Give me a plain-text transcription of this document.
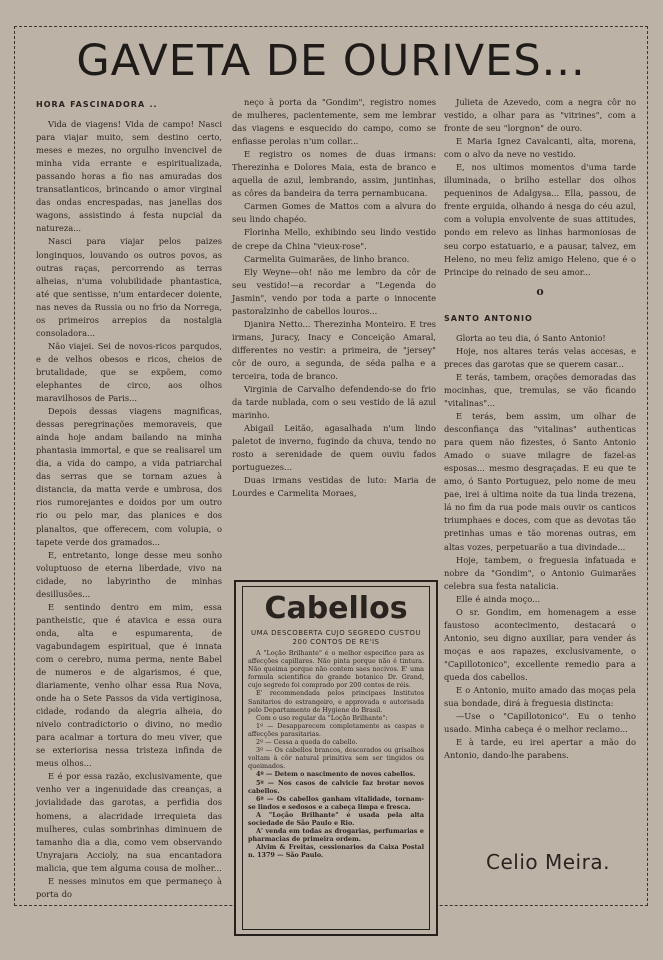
GAVETA DE OURIVES...
HORA FASCINADORA ..

Vida de viagens! Vida de campo! Nasci para viajar muito, sem destino certo, meses e mezes, no orgulho invencivel de minha vida errante e espiritualizada, passando horas a fio nas amuradas dos transatlanticos, brincando o amor virginal das ondas encrespadas, nas janellas dos wagons, assistindo á festa nupcial da natureza...

Nasci para viajar pelos paizes longinquos, louvando os outros povos, as outras raças, percorrendo as terras alheias, n'uma volubilidade phantastica, até que sentisse, n'um entardecer doiente, nas neves da Russia ou no frio da Norrega, os primeiros arrepios da nostalgia consoladora...

Não viajei. Sei de novos-ricos parqudos, e de velhos obesos e ricos, cheios de brutalidade, que se expõem, como elephantes de circo, aos olhos maravilhosos de Paris...

Depois dessas viagens magnificas, dessas peregrinações memoraveis, que ainda hoje andam bailando na minha phantasia immortal, e que se realisarel um dia, a vida do campo, a vida patriarchal das serras que se tornam azues à distancia, da matta verde e umbrosa, dos rios rumorejantes e doidos por um outro rio ou pelo mar, das planices e dos planaltos, que offerecem, com volupia, o tapete verde dos gramados...

E, entretanto, longe desse meu sonho voluptuoso de eterna liberdade, vivo na cidade, no labyrintho de minhas desillusões...

E sentindo dentro em mim, essa pantheistic, que é atavica e essa oura onda, alta e espumarenta, de vagabundagem espiritual, que é innata com o cerebro, numa perma, nente Babel de numeros e de algarismos, é que, diariamente, venho olhar essa Rua Nova, onde ha o Sete Passos da vida vertiginosa, cidade, rodando da alegria alheia, do nivelo contradictorio o divino, no medio para acalmar a tortura do meu viver, que se exteriorisa nessa tristeza infinda de meus olhos...

E é por essa razão, exclusivamente, que venho ver a ingenuidade das creanças, a jovialidade das garotas, a perfidia dos homens, a alacridade irrequieta das mulheres, culas sombrinhas diminuem de tamanho dia a dia, como vem observando Unyrajara Accioly, na sua encantadora malicia, que tem alguma cousa de molher...

E nesses minutos em que permaneço à porta do

neço à porta da "Gondim", registro nomes de mulheres, pacientemente, sem me lembrar das viagens e esquecido do campo, como se enfiasse perolas n'um collar...

E registro os nomes de duas irmans: Therezinha e Dolores Maia, esta de branco e aquella de azul, lembrando, assim, juntinhas, as côres da bandeira da terra pernambucana.

Carmen Gomes de Mattos com a alvura do seu lindo chapéo.

Florinha Mello, exhibindo seu lindo vestido de crepe da China "vieux-rose".

Carmelita Guimarães, de linho branco.

Ely Weyne—oh! não me lembro da côr de seu vestido!—a recordar a "Legenda do Jasmin", vendo por toda a parte o innocente pastoralzinho de cabellos louros...

Djanira Netto... Therezinha Monteiro. E tres irmans, Juracy, Inacy e Conceição Amaral, differentes no vestir: a primeira, de "jersey" côr de ouro, a segunda, de séda palha e a terceira, toda de branco.

Virginia de Carvalho defendendo-se do frio da tarde nublada, com o seu vestido de lã azul marinho.

Abigail Leitão, agasalhada n'um lindo paletot de inverno, fugindo da chuva, tendo no rosto a serenidade de quem ouviu fados portuguezes...

Duas irmans vestidas de luto: Maria de Lourdes e Carmelita Moraes,

Cabellos
UMA DESCOBERTA CUJO SEGREDO CUSTOU 200 CONTOS DE RE'IS

A "Loção Brilhante" é o melhor especifico para as affecções capillares. Não pinta porque não é tintura. Não queima porque não contem saes nocivos. E' uma formula scientifica do grande botanico Dr. Grand, cujo segredo foi comprado por 200 contos de réis.

E' recommendada pelos principaes Institutos Sanitarios do estrangeiro, e approvada e autorisada pelo Departamento de Hygiene do Brasil.

Com o uso regular da "Loção Brilhante":

1º — Desapparecem completamente as caspas e affecções parasitarias.

2º — Cessa a queda do cabello.

3º — Os cabellos brancos, descorados ou grisalhos voltam à côr natural primitiva sem ser tingidos ou queimados.

4º — Detem o nascimento de novos cabellos.

5º — Nos casos de calvicie faz brotar novos cabellos.

6º — Os cabellos ganham vitalidade, tornam-se lindos e sedosos e a cabeça limpa e fresca.

A "Loção Brilhante" é usada pela alta sociedade de São Paulo e Rio.

A' venda em todas as drogarias, perfumarias e pharmacias de primeira ordem.

Alvim & Freitas, cessionarios da Caixa Postal n. 1379 — São Paulo.

Julieta de Azevedo, com a negra côr no vestido, a olhar para as "vitrines", com a fronte de seu "lorgnon" de ouro.

E Maria Ignez Cavalcanti, alta, morena, com o alvo da neve no vestido.

E, nos ultimos momentos d'uma tarde illuminada, o brilho estellar dos olhos pequeninos de Adalgysa... Ella, passou, de frente erguida, olhando á nesga do céu azul, com a volupia envolvente de suas attitudes, pondo em relevo as linhas harmoniosas de seu corpo estatuario, e a pausar, talvez, em Heleno, no meu feliz amigo Heleno, que é o Principe do reinado de seu amor...

o
SANTO ANTONIO

Glorta ao teu dia, ó Santo Antonio!

Hoje, nos altares terás velas accesas, e preces das garotas que se querem casar...

E terás, tambem, orações demoradas das mocinhas, que, tremulas, se vão ficando "vitalinas"...

E terás, bem assim, um olhar de desconfiança das "vitalinas" authenticas para quem não fizestes, ó Santo Antonio Amado o suave milagre de fazel-as esposas... mesmo desgraçadas. E eu que te amo, ó Santo Portuguez, pelo nome de meu pae, irei á ultima noite da tua linda trezena, lá no fim da rua pode mais ouvir os canticos triumphaes e doces, com que as devotas tão pretinhas umas e tão morenas outras, em altas vozes, perpetuarão a tua divindade...

Hoje, tambem, o freguesia infatuada e nobre da "Gondim", o Antonio Guimarães celebra sua festa natalicia.

Elle é ainda moço...

O sr. Gondim, em homenagem a esse faustoso acontecimento, destacará o Antonio, seu digno auxiliar, para vender ás moças e aos rapazes, exclusivamente, o "Capillotonico", excellente remedio para a queda dos cabellos.

E o Antonio, muito amado das moças pela sua bondade, dirá à freguesia distincta:

—Use o "Capillotonico". Eu o tenho usado. Minha cabeça é o melhor reclamo...

E à tarde, eu irei apertar a mão do Antonio, dando-lhe parabens.

Celio Meira.
